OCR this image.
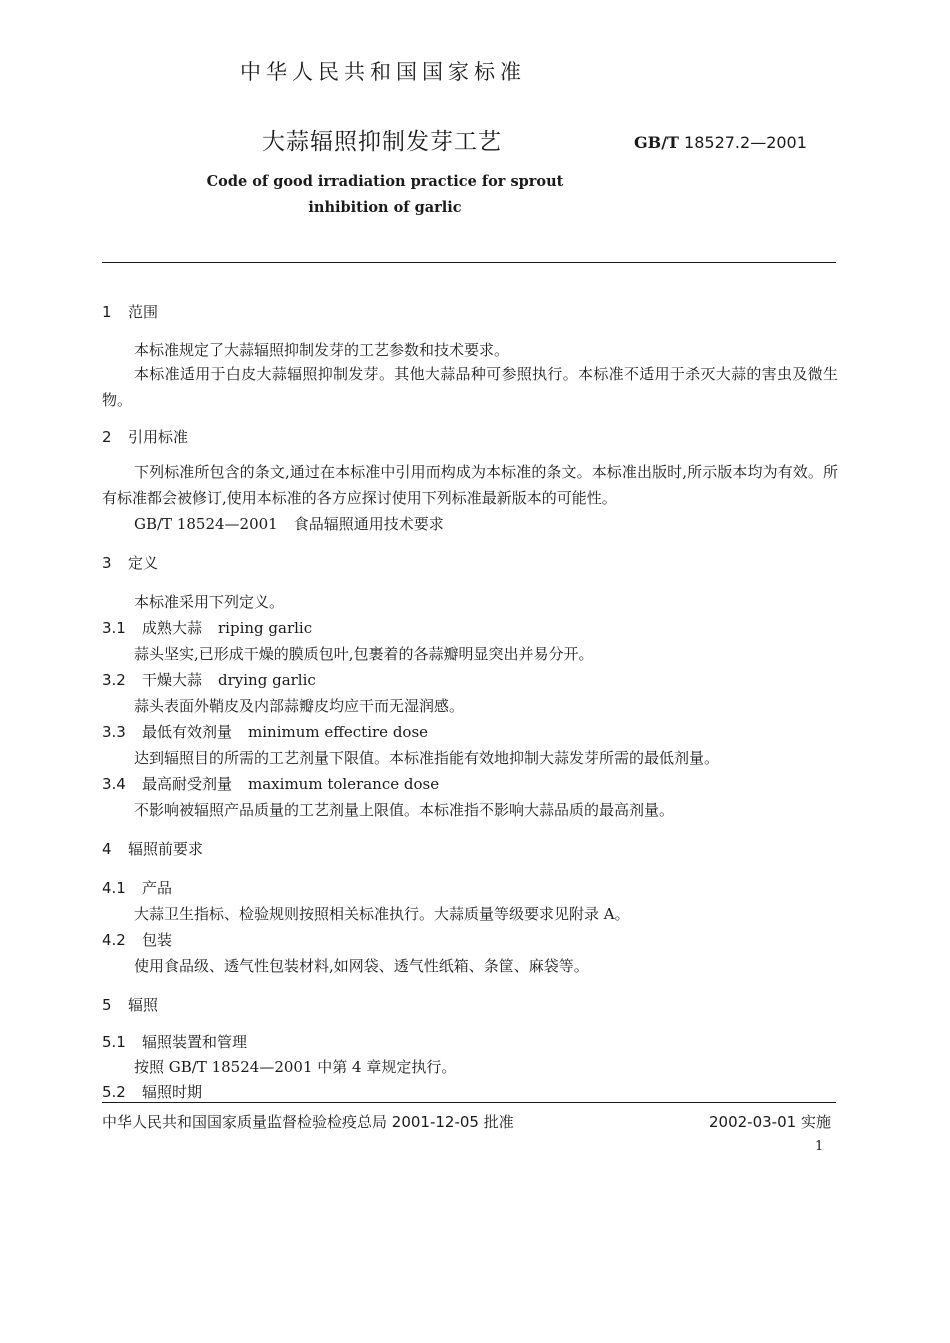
中华人民共和国国家标准
大蒜辐照抑制发芽工艺	GB/T 18527.2—2001
Code of good irradiation practice for sprout
inhibition of garlic
1 范围
本标准规定了大蒜辐照抑制发芽的工艺参数和技术要求。
本标准适用于白皮大蒜辐照抑制发芽。其他大蒜品种可参照执行。本标准不适用于杀灭大蒜的害虫及微生物。
2 引用标准
下列标准所包含的条文,通过在本标准中引用而构成为本标准的条文。本标准出版时,所示版本均为有效。所有标准都会被修订,使用本标准的各方应探讨使用下列标准最新版本的可能性。
GB/T 18524—2001 食品辐照通用技术要求
3 定义
本标准采用下列定义。
3.1 成熟大蒜 riping garlic
蒜头坚实,已形成干燥的膜质包叶,包裹着的各蒜瓣明显突出并易分开。
3.2 干燥大蒜 drying garlic
蒜头表面外鞘皮及内部蒜瓣皮均应干而无湿润感。
3.3 最低有效剂量 minimum effectire dose
达到辐照目的所需的工艺剂量下限值。本标准指能有效地抑制大蒜发芽所需的最低剂量。
3.4 最高耐受剂量 maximum tolerance dose
不影响被辐照产品质量的工艺剂量上限值。本标准指不影响大蒜品质的最高剂量。
4 辐照前要求
4.1 产品
大蒜卫生指标、检验规则按照相关标准执行。大蒜质量等级要求见附录 A。
4.2 包装
使用食品级、透气性包装材料,如网袋、透气性纸箱、条筐、麻袋等。
5 辐照
5.1 辐照装置和管理
按照 GB/T 18524—2001 中第 4 章规定执行。
5.2 辐照时期
中华人民共和国国家质量监督检验检疫总局 2001-12-05 批准	2002-03-01 实施
1
